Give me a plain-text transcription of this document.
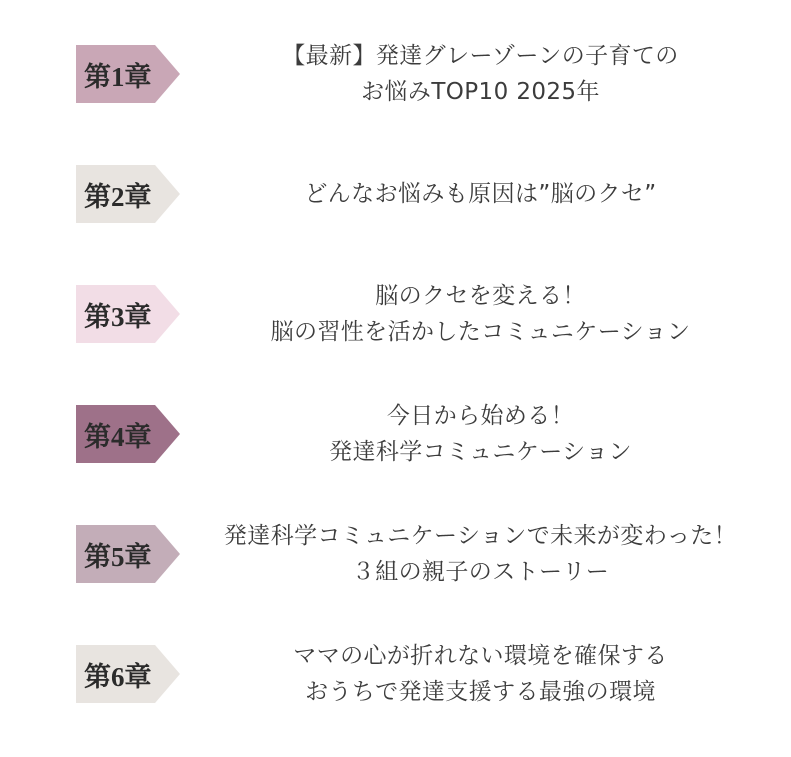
第1章
【最新】発達グレーゾーンの子育ての
お悩みTOP10 2025年
第2章	どんなお悩みも原因は”脳のクセ”
第3章
脳のクセを変える！
脳の習性を活かしたコミュニケーション
第4章
今日から始める！
発達科学コミュニケーション
第5章
発達科学コミュニケーションで未来が変わった！
３組の親子のストーリー
第6章
ママの心が折れない環境を確保する
おうちで発達支援する最強の環境
